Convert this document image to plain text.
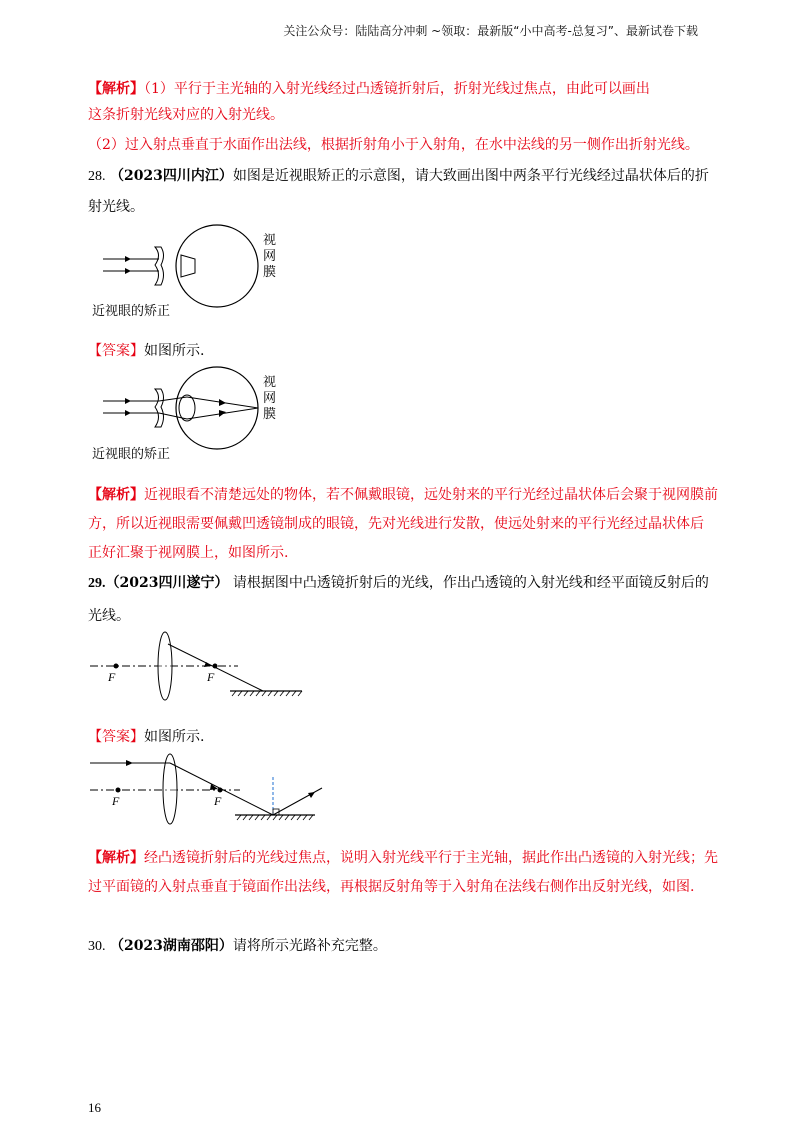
关注公众号：陆陆高分冲刺 ~领取：最新版“小中高考-总复习”、最新试卷下载
【解析】（1）平行于主光轴的入射光线经过凸透镜折射后，折射光线过焦点，由此可以画出
这条折射光线对应的入射光线。
（2）过入射点垂直于水面作出法线，根据折射角小于入射角，在水中法线的另一侧作出折射光线。
28. （2023四川内江）如图是近视眼矫正的示意图，请大致画出图中两条平行光线经过晶状体后的折
射光线。
视
网
膜
近视眼的矫正
【答案】如图所示.
视
网
膜
近视眼的矫正
【解析】近视眼看不清楚远处的物体，若不佩戴眼镜，远处射来的平行光经过晶状体后会聚于视网膜前
方，所以近视眼需要佩戴凹透镜制成的眼镜，先对光线进行发散，使远处射来的平行光经过晶状体后
正好汇聚于视网膜上，如图所示.
29.（2023四川遂宁） 请根据图中凸透镜折射后的光线，作出凸透镜的入射光线和经平面镜反射后的
光线。
F	F
【答案】如图所示.
F	F
【解析】经凸透镜折射后的光线过焦点，说明入射光线平行于主光轴，据此作出凸透镜的入射光线；先
过平面镜的入射点垂直于镜面作出法线，再根据反射角等于入射角在法线右侧作出反射光线，如图.
30. （2023湖南邵阳）请将所示光路补充完整。
16
